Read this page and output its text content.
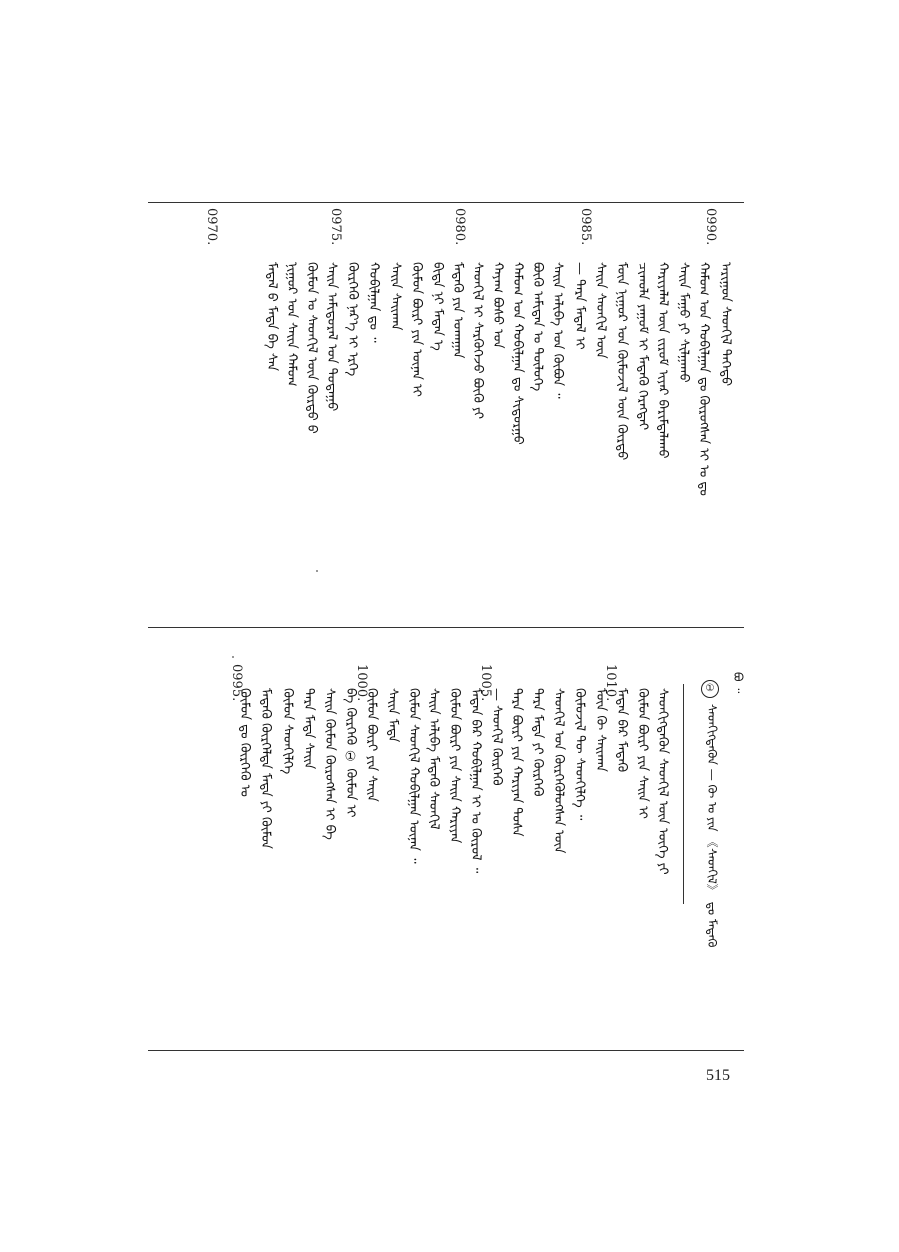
ᠠᠷᠢᠭᠤᠨ ᠰᠡᠳᠬᠢᠯ ᠳᠡᠭᠡᠳᠦ
ᠬᠠᠮᠤᠭ ᠤᠨ ᠬᠤᠪᠢᠯᠭᠠᠨ ᠳᠤ ᠬᠦᠷᠦᠭᠰᠡᠨ ᠢ ᠤ ᠳᠤ
ᠰᠠᠢᠨ ᠮᠠᠭᠤ ᠶᠢ ᠰᠢᠯᠭᠠᠬᠤ
ᠬᠠᠷᠢᠶᠠᠯᠠᠯ ᠦᠨ ᠵᠢᠷᠤᠮ ᠢᠶᠠᠷ ᠪᠠᠷᠢᠮᠳᠠᠯᠠᠬᠤ
ᠴᠢᠬᠤᠯᠠ ᠶᠠᠭᠤᠮ ᠢ ᠮᠡᠳᠡᠬᠦ ᠬᠡᠷᠡᠭᠲᠡᠢ
ᠮᠥᠨ ᠨᠢᠭᠤᠷ ᠤᠨ ᠬᠦᠮᠦᠵᠢᠯ ᠦᠨ ᠬᠦᠷᠳᠦ
ᠰᠠᠢᠨ ᠰᠡᠳᠬᠢᠯ ᠦᠨ
— ᠲᠡᠷᠡ ᠮᠡᠳᠡᠯ ᠢ
ᠰᠠᠢᠨ ᠠᠯᠢᠪᠠ ᠤᠨ ᠬᠦᠪᠦᠨ ᠃
ᠪᠦᠬᠦ ᠠᠮᠢᠲᠠᠨ ᠤ ᠲᠥᠯᠦᠭᠡ
ᠬᠠᠮᠤᠭ ᠤᠨ ᠬᠤᠪᠢᠯᠭᠠᠨ ᠳᠤ ᠰᠢᠳᠤᠷᠭᠤ
ᠬᠠᠶᠠᠭ ᠪᠤᠰᠤ ᠤᠨ
ᠰᠡᠳᠬᠢᠯ ᠢ ᠰᠡᠷᠭᠦᠭᠡᠵᠦ ᠪᠦᠬᠦ ᠶᠢ
ᠮᠡᠳᠡᠬᠦ ᠶᠢᠨ ᠤᠬᠠᠭᠠᠨ
ᠪᠢᠳᠡ ᠨᠢ ᠮᠡᠳᠡᠨ ᠡ
ᠬᠦᠮᠦᠨ ᠪᠦᠷᠢ ᠶᠢᠨ ᠦᠨᠡᠨ ᠢ
ᠰᠠᠢᠨ ᠰᠠᠢᠬᠠᠨ
ᠬᠤᠪᠢᠯᠭᠠᠨ ᠳᠤ ᠃
ᠬᠦᠷᠭᠡᠬᠦ ᠨᠡᠷ᠎ᠡ ᠢ ᠡᠷᠬᠡ
ᠰᠠᠢᠨ ᠠᠮᠢᠳᠤᠷᠠᠯ ᠤᠨ ᠳᠤᠲᠠᠭᠤ
ᠬᠦᠮᠦᠨ ᠤ ᠰᠡᠳᠬᠢᠯ ᠦᠨ ᠬᠦᠷᠳᠦ ᠪ
ᠨᠢᠭᠤᠷ ᠤᠨ ᠰᠠᠢᠨ ᠬᠠᠮᠤᠭ
ᠮᠡᠳᠡᠯ ᠪ ᠮᠡᠳᠡ ᠪᠡ ᠰᠠᠨ
0990.
0985.
0980.
0975.
0970.
ᠪᠤ ᠃
①
ᠰᠡᠳᠬᠢᠭᠳᠡᠬᠦᠨ — ᠬᠦ ᠤ ᠶᠢᠨ 《ᠰᠡᠳᠬᠢᠯ》 ᠳᠤ ᠮᠡᠳᠡᠬᠦ
ᠰᠡᠳᠬᠢᠭᠳᠡᠬᠦᠨ ᠰᠡᠳᠬᠢᠯ ᠦᠨ ᠦᠭᠡ ᠶᠢ
ᠬᠦᠮᠦᠨ ᠪᠦᠷᠢ ᠶᠢᠨ ᠰᠠᠢᠨ ᠢ
ᠮᠡᠳᠡᠨ ᠪᠡᠷ ᠮᠡᠳᠡᠬᠦ
ᠮᠥᠨ ᠬᠦ ᠰᠠᠢᠬᠠᠨ
ᠬᠦᠮᠦᠵᠢᠯ ᠲᠦ ᠰᠡᠳᠬᠢᠯᠭᠡ ᠃
ᠰᠡᠳᠬᠢᠯ ᠤᠨ ᠬᠦᠷᠭᠡᠭᠦᠯᠦᠭᠰᠡᠨ ᠦᠨ
ᠲᠡᠷᠡ ᠮᠡᠳᠡ ᠶᠢ ᠬᠦᠷᠭᠡᠬᠦ
ᠲᠡᠷᠡ ᠪᠦᠷᠢ ᠶᠢᠨ ᠬᠠᠷᠢᠶᠠᠨ ᠲᠤᠰᠠ
— ᠰᠡᠳᠬᠢᠯ ᠬᠦᠷᠭᠡᠬᠦ
ᠮᠡᠳᠡᠨ ᠪᠡᠷ ᠬᠤᠪᠢᠯᠭᠠᠨ ᠢ ᠤ ᠬᠦᠷᠦᠯ ᠃
ᠬᠦᠮᠦᠨ ᠪᠦᠷᠢ ᠶᠢᠨ ᠰᠠᠢᠨ ᠬᠠᠷᠢᠶᠠᠨ
ᠰᠠᠢᠨ ᠠᠯᠢᠪᠠ ᠮᠡᠳᠡᠬᠦ ᠰᠡᠳᠬᠢᠯ
ᠬᠦᠮᠦᠨ ᠰᠡᠳᠬᠢᠯ ᠬᠤᠪᠢᠯᠭᠠᠨ ᠦᠨᠡᠨ ᠃
ᠰᠠᠢᠨ ᠮᠡᠳᠡ
ᠬᠦᠮᠦᠨ ᠪᠦᠷᠢ ᠶᠢᠨ ᠰᠠᠢᠨ
ᠪᠡ ᠬᠦᠷᠭᠡᠬᠦ ① ᠬᠦᠮᠦᠨ ᠢ
ᠰᠠᠢᠨ ᠬᠦᠮᠦᠨ ᠬᠦᠷᠦᠭᠰᠡᠨ ᠢ ᠪᠡ
ᠲᠡᠷᠡ ᠮᠡᠳᠡ ᠰᠠᠢᠨ
ᠬᠦᠮᠦᠨ ᠰᠡᠳᠬᠢᠯᠭᠡ
ᠮᠡᠳᠡᠬᠦ ᠬᠦᠷᠭᠡᠯᠲᠡ ᠮᠡᠳᠡ ᠶᠢ ᠬᠦᠮᠦᠨ
ᠬᠦᠮᠦᠨ ᠳᠤ ᠬᠦᠷᠭᠡᠬᠦ ᠤ
1010.
1005.
1000.
0995.
515
